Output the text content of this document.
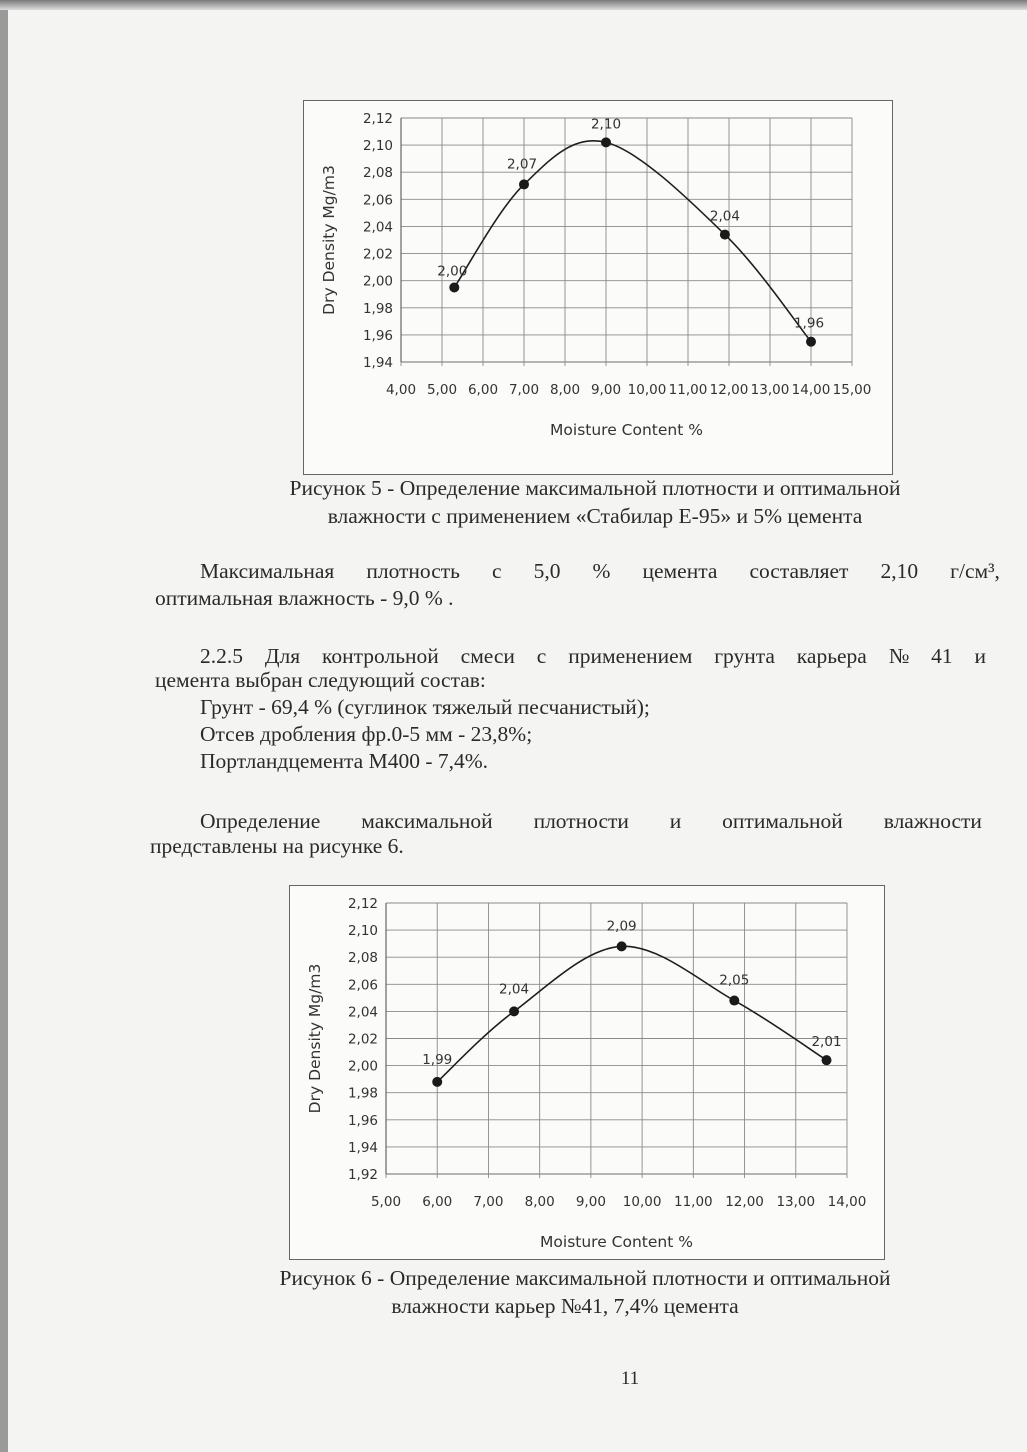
2,12
2,10
2,08
2,06
2,04
2,02
2,00
1,98
1,96
1,94
4,00 5,00 6,00 7,00 8,00 9,00 10,00 11,00 12,00 13,00 14,00 15,00
2,00
2,07
2,10
2,04
1,96
Moisture Content %
Dry Density Mg/m3
Рисунок 5 - Определение максимальной плотности и оптимальной
влажности с применением «Стабилар Е-95» и 5% цемента
Максимальная плотность с 5,0 % цемента составляет 2,10 г/см³,
оптимальная влажность - 9,0 % .
2.2.5 Для контрольной смеси с применением грунта карьера № 41 и
цемента выбран следующий состав:
Грунт - 69,4 % (суглинок тяжелый песчанистый);
Отсев дробления фр.0-5 мм - 23,8%;
Портландцемента М400 - 7,4%.
Определение максимальной плотности и оптимальной влажности
представлены на рисунке 6.
2,12
2,10
2,08
2,06
2,04
2,02
2,00
1,98
1,96
1,94
1,92
5,00 6,00 7,00 8,00 9,00 10,00 11,00 12,00 13,00 14,00
1,99
2,04
2,09
2,05
2,01
Moisture Content %
Dry Density Mg/m3
Рисунок 6 - Определение максимальной плотности и оптимальной
влажности карьер №41, 7,4% цемента
11
